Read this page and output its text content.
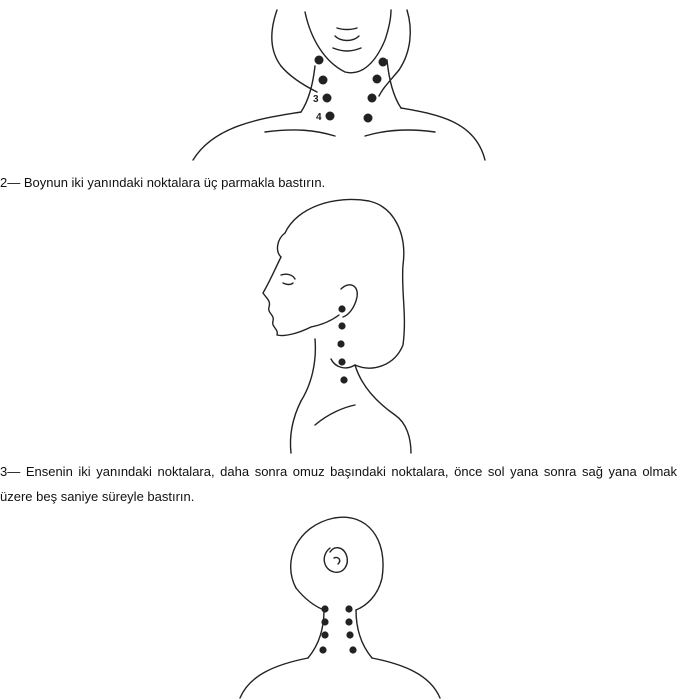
3
4

2— Boynun iki yanındaki noktalara üç parmakla bastırın.

3— Ensenin iki yanındaki noktalara, daha sonra omuz başındaki noktalara, önce sol yana sonra sağ yana olmak üzere beş saniye süreyle bastırın.
